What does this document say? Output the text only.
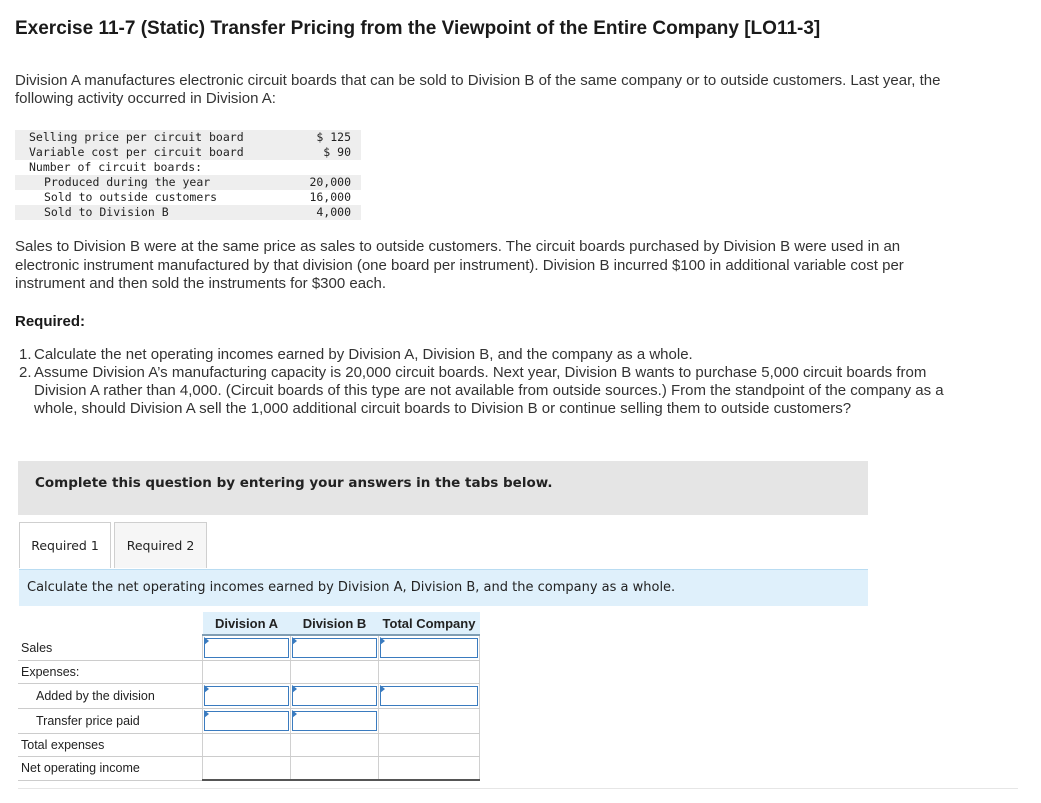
Exercise 11-7 (Static) Transfer Pricing from the Viewpoint of the Entire Company [LO11-3]
Division A manufactures electronic circuit boards that can be sold to Division B of the same company or to outside customers. Last year, the following activity occurred in Division A:
Selling price per circuit board	$ 125
Variable cost per circuit board	$ 90
Number of circuit boards:	
Produced during the year	20,000
Sold to outside customers	16,000
Sold to Division B	4,000
Sales to Division B were at the same price as sales to outside customers. The circuit boards purchased by Division B were used in an electronic instrument manufactured by that division (one board per instrument). Division B incurred $100 in additional variable cost per instrument and then sold the instruments for $300 each.
Required:
1. Calculate the net operating incomes earned by Division A, Division B, and the company as a whole.
2. Assume Division A’s manufacturing capacity is 20,000 circuit boards. Next year, Division B wants to purchase 5,000 circuit boards from Division A rather than 4,000. (Circuit boards of this type are not available from outside sources.) From the standpoint of the company as a whole, should Division A sell the 1,000 additional circuit boards to Division B or continue selling them to outside customers?
Complete this question by entering your answers in the tabs below.
Required 1	Required 2
Calculate the net operating incomes earned by Division A, Division B, and the company as a whole.
	Division A	Division B	Total Company
Sales	

Expenses:			
Added by the division	

Transfer price paid	

Total expenses			
Net operating income			
